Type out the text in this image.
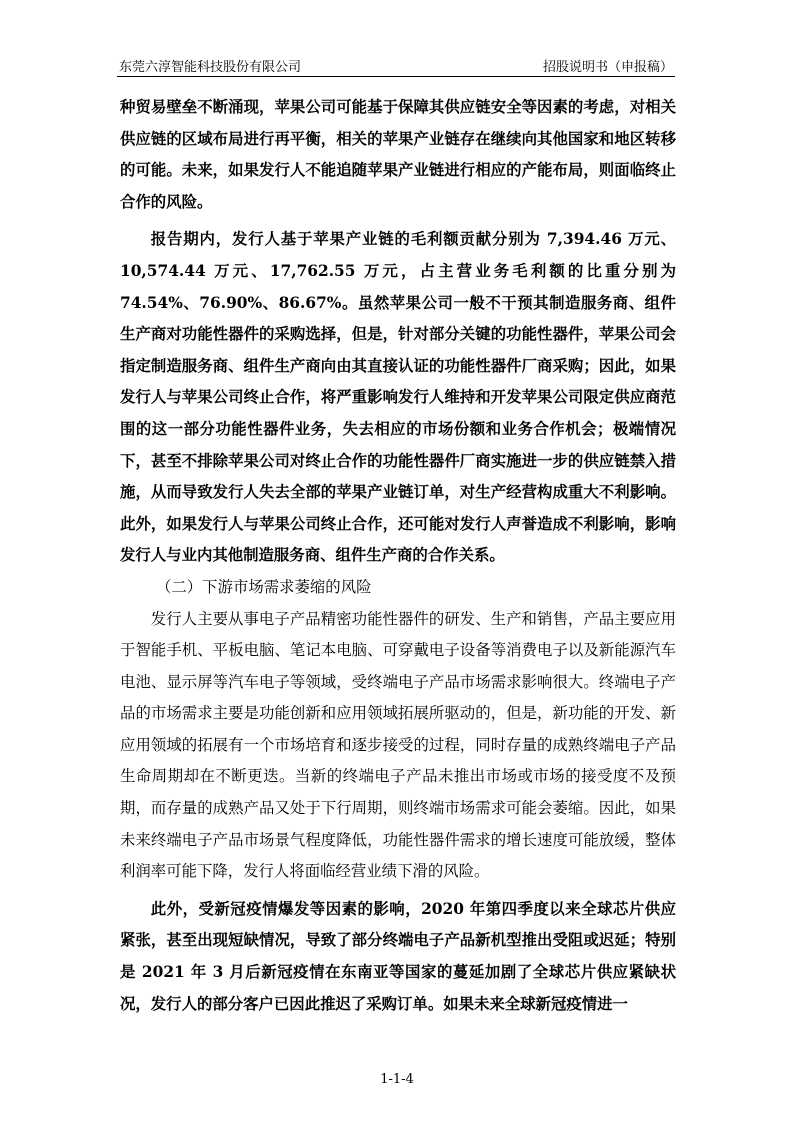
东莞六淳智能科技股份有限公司	招股说明书（申报稿）

种贸易壁垒不断涌现，苹果公司可能基于保障其供应链安全等因素的考虑，对相关供应链的区域布局进行再平衡，相关的苹果产业链存在继续向其他国家和地区转移的可能。未来，如果发行人不能追随苹果产业链进行相应的产能布局，则面临终止合作的风险。

报告期内，发行人基于苹果产业链的毛利额贡献分别为 7,394.46 万元、10,574.44 万元、17,762.55 万元，占主营业务毛利额的比重分别为 74.54%、76.90%、86.67%。虽然苹果公司一般不干预其制造服务商、组件生产商对功能性器件的采购选择，但是，针对部分关键的功能性器件，苹果公司会指定制造服务商、组件生产商向由其直接认证的功能性器件厂商采购；因此，如果发行人与苹果公司终止合作，将严重影响发行人维持和开发苹果公司限定供应商范围的这一部分功能性器件业务，失去相应的市场份额和业务合作机会；极端情况下，甚至不排除苹果公司对终止合作的功能性器件厂商实施进一步的供应链禁入措施，从而导致发行人失去全部的苹果产业链订单，对生产经营构成重大不利影响。此外，如果发行人与苹果公司终止合作，还可能对发行人声誉造成不利影响，影响发行人与业内其他制造服务商、组件生产商的合作关系。

（二）下游市场需求萎缩的风险

发行人主要从事电子产品精密功能性器件的研发、生产和销售，产品主要应用于智能手机、平板电脑、笔记本电脑、可穿戴电子设备等消费电子以及新能源汽车电池、显示屏等汽车电子等领域，受终端电子产品市场需求影响很大。终端电子产品的市场需求主要是功能创新和应用领域拓展所驱动的，但是，新功能的开发、新应用领域的拓展有一个市场培育和逐步接受的过程，同时存量的成熟终端电子产品生命周期却在不断更迭。当新的终端电子产品未推出市场或市场的接受度不及预期，而存量的成熟产品又处于下行周期，则终端市场需求可能会萎缩。因此，如果未来终端电子产品市场景气程度降低，功能性器件需求的增长速度可能放缓，整体利润率可能下降，发行人将面临经营业绩下滑的风险。

此外，受新冠疫情爆发等因素的影响，2020 年第四季度以来全球芯片供应紧张，甚至出现短缺情况，导致了部分终端电子产品新机型推出受阻或迟延；特别是 2021 年 3 月后新冠疫情在东南亚等国家的蔓延加剧了全球芯片供应紧缺状况，发行人的部分客户已因此推迟了采购订单。如果未来全球新冠疫情进一

1-1-4
